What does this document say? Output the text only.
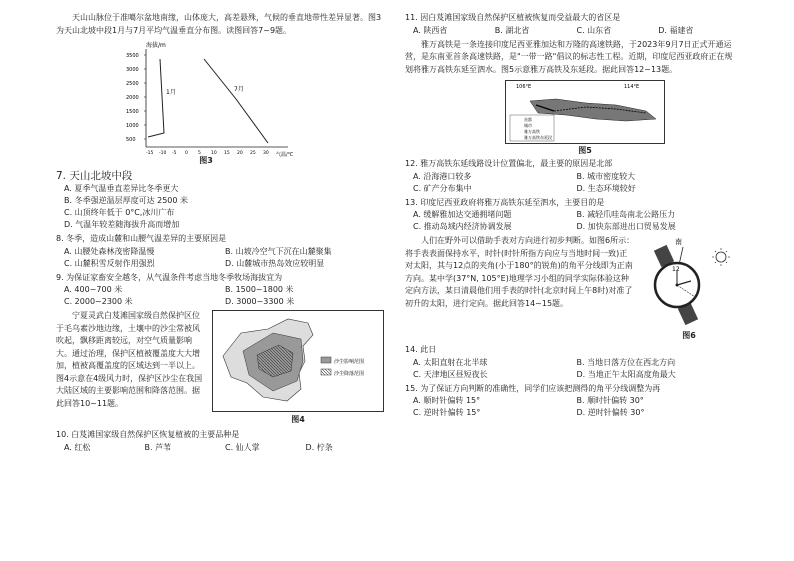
天山山脉位于准噶尔盆地南缘，山体庞大，高差悬殊，气候的垂直地带性差异显著。图3为天山北坡中段1月与7月平均气温垂直分布图。读图回答7~9题。

海拔/m
3500
3000
2500
2000
1500
1000
500
-15 -10 -5 0 5 10 15 20 25 30
1月	7月
气温/℃
图3

7. 天山北坡中段

A. 夏季气温垂直差异比冬季更大
B. 冬季强逆温层厚度可达 2500 米
C. 山顶终年低于 0°C,冰川广布
D. 气温年较差随海拔升高而增加

8. 冬季，造成山麓和山腰气温差异的主要原因是

A. 山腰处森林茂密降温慢	B. 山坡冷空气下沉在山麓聚集
C. 山麓积雪反射作用强烈	D. 山麓城市热岛效应较明显

9. 为保证家畜安全越冬，从气温条件考虑当地冬季牧场海拔宜为

A. 400~700 米	B. 1500~1800 米
C. 2000~2300 米	D. 3000~3300 米

宁夏灵武白芨滩国家级自然保护区位于毛乌素沙地边缘，土壤中的沙尘常被风吹起，飘移距离较远，对空气质量影响大。通过治理，保护区植被覆盖度大大增加，植被高覆盖度的区域达到一半以上。图4示意在4级风力时，保护区沙尘在我国大陆区域的主要影响范围和降落范围。据此回答10~11题。

沙尘影响范围
沙尘降落范围
图4

10. 白芨滩国家级自然保护区恢复植被的主要品种是

A. 红松	B. 芦苇	C. 仙人掌	D. 柠条

11. 因白芨滩国家级自然保护区植被恢复而受益最大的省区是

A. 陕西省	B. 湖北省	C. 山东省	D. 福建省

雅万高铁是一条连接印度尼西亚雅加达和万隆的高速铁路，于2023年9月7日正式开通运营，是东南亚首条高速铁路，是"一带一路"倡议的标志性工程。近期，印度尼西亚政府正在规划将雅万高铁东延至泗水。图5示意雅万高铁及东延段。据此回答12~13题。

106°E	114°E
首都
城市
雅万高铁
雅万高铁东延段
图5

12. 雅万高铁东延线路设计位置偏北，最主要的原因是北部

A. 沿海港口较多	B. 城市密度较大
C. 矿产分布集中	D. 生态环境较好

13. 印度尼西亚政府将雅万高铁东延至泗水，主要目的是

A. 缓解雅加达交通拥堵问题	B. 减轻爪哇岛南北公路压力
C. 推动岛域内经济协调发展	D. 加快东部进出口贸易发展

人们在野外可以借助手表对方向进行初步判断。如图6所示：将手表表面保持水平，时针(时针所指方向应与当地时间一致)正对太阳，其与12点的夹角(小于180°的锐角)的角平分线即为正南方向。某中学(37°N, 105°E)地理学习小组的同学实际体验这种定向方法，某日清晨他们用手表的时针(北京时间上午8时)对准了初升的太阳，进行定向。据此回答14~15题。

南
12
图6

14. 此日

A. 太阳直射在北半球	B. 当地日落方位在西北方向
C. 天津地区昼短夜长	D. 当地正午太阳高度角最大

15. 为了保证方向判断的准确性，同学们应该把测得的角平分线调整为再

A. 顺时针偏转 15°	B. 顺时针偏转 30°
C. 逆时针偏转 15°	D. 逆时针偏转 30°
